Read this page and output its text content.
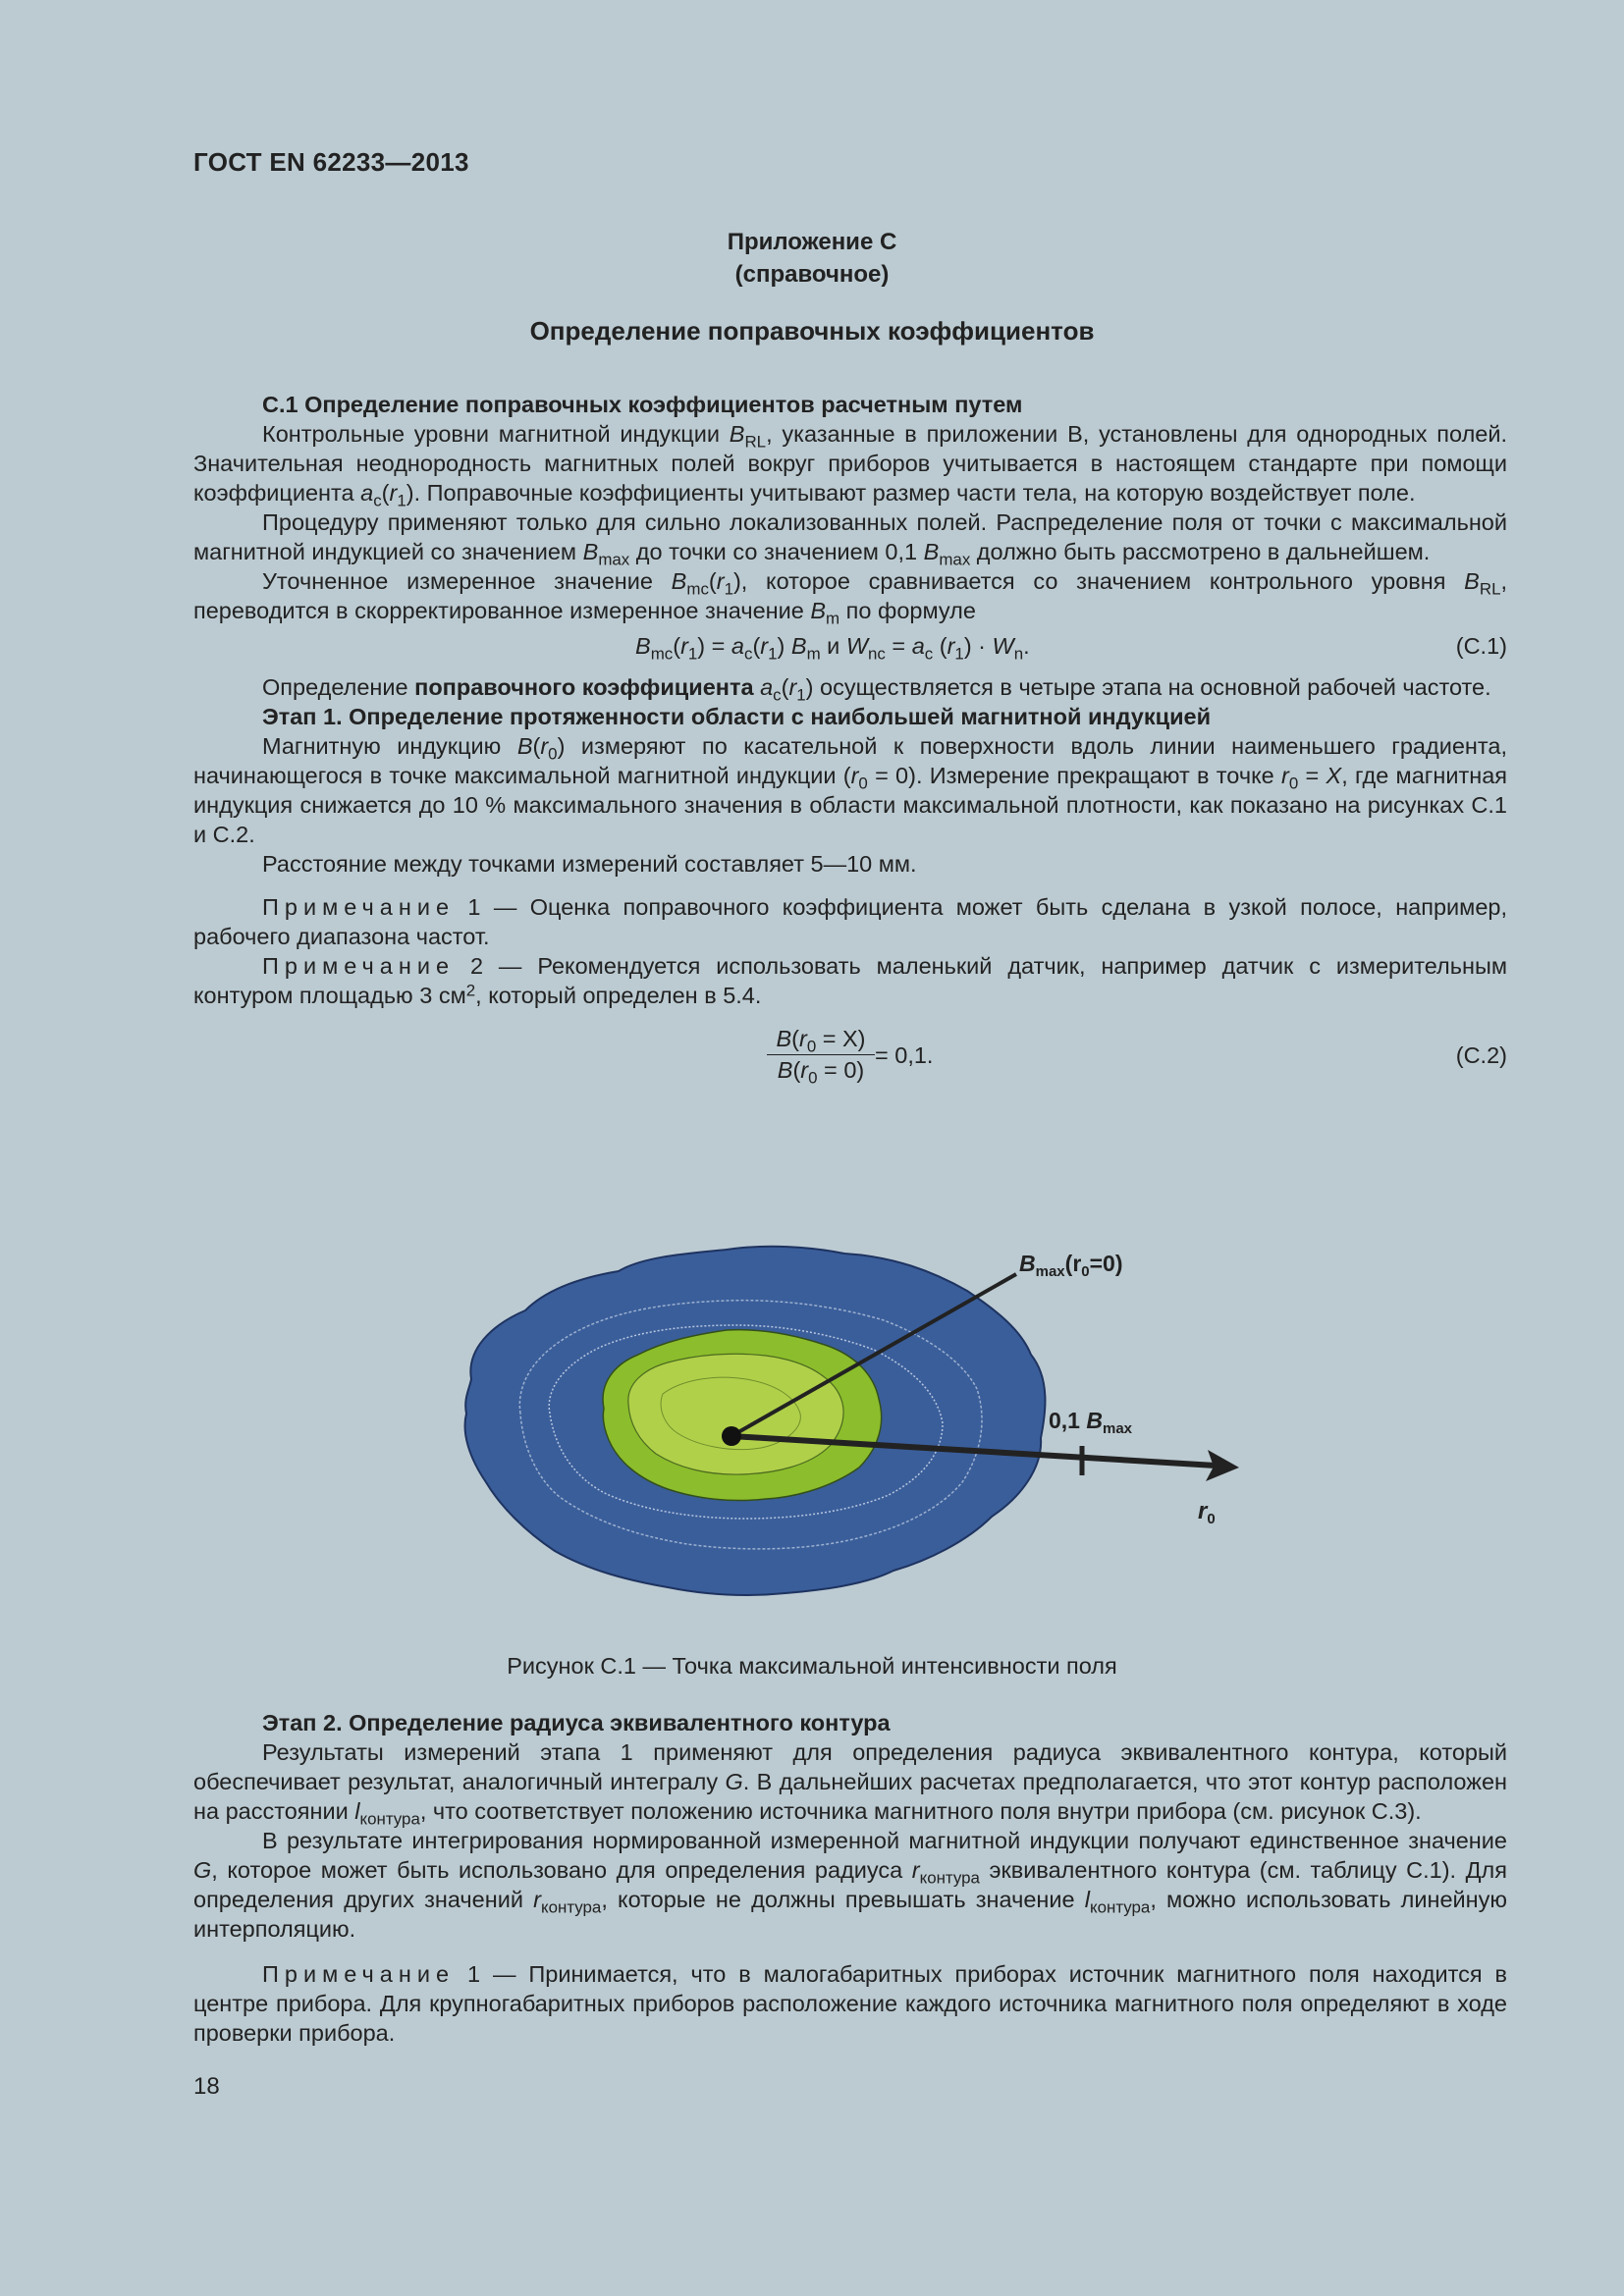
ГОСТ EN 62233—2013
Приложение С
(справочное)
Определение поправочных коэффициентов

С.1 Определение поправочных коэффициентов расчетным путем

Контрольные уровни магнитной индукции $B_{RL}$, указанные в приложении В, установлены для однородных полей. Значительная неоднородность магнитных полей вокруг приборов учитывается в настоящем стандарте при помощи коэффициента $a_c(r_1)$. Поправочные коэффициенты учитывают размер части тела, на которую воздействует поле.

Процедуру применяют только для сильно локализованных полей. Распределение поля от точки с максимальной магнитной индукцией со значением $B_{max}$ до точки со значением 0,1 $B_{max}$ должно быть рассмотрено в дальнейшем.

Уточненное измеренное значение $B_{mc}(r_1)$, которое сравнивается со значением контрольного уровня $B_{RL}$, переводится в скорректированное измеренное значение $B_m$ по формуле

$B_{mc}(r_1) = a_c(r_1)$ $B_m$ и $W_{nc} = a_c$ $(r_1) \cdot W_n$.	(С.1)

Определение поправочного коэффициента $a_c(r_1)$ осуществляется в четыре этапа на основной рабочей частоте.

Этап 1. Определение протяженности области с наибольшей магнитной индукцией

Магнитную индукцию $B(r_0)$ измеряют по касательной к поверхности вдоль линии наименьшего градиента, начинающегося в точке максимальной магнитной индукции $(r_0 = 0)$. Измерение прекращают в точке $r_0 = X$, где магнитная индукция снижается до 10 % максимального значения в области максимальной плотности, как показано на рисунках С.1 и С.2.

Расстояние между точками измерений составляет 5—10 мм.

Примечание 1 — Оценка поправочного коэффициента может быть сделана в узкой полосе, например, рабочего диапазона частот.

Примечание 2 — Рекомендуется использовать маленький датчик, например датчик с измерительным контуром площадью 3 $см^2$, который определен в 5.4.

$\frac{B(r_0 = X)}{B(r_0 = 0)} = 0,1$.	(С.2)
$B_{max}(r_0=0)$
0,1 $B_{max}$
$r_0$
Рисунок С.1 — Точка максимальной интенсивности поля

Этап 2. Определение радиуса эквивалентного контура

Результаты измерений этапа 1 применяют для определения радиуса эквивалентного контура, который обеспечивает результат, аналогичный интегралу G. В дальнейших расчетах предполагается, что этот контур расположен на расстоянии $l_{контура}$, что соответствует положению источника магнитного поля внутри прибора (см. рисунок С.3).

В результате интегрирования нормированной измеренной магнитной индукции получают единственное значение G, которое может быть использовано для определения радиуса $r_{контура}$ эквивалентного контура (см. таблицу С.1). Для определения других значений $r_{контура}$, которые не должны превышать значение $l_{контура}$, можно использовать линейную интерполяцию.

Примечание 1 — Принимается, что в малогабаритных приборах источник магнитного поля находится в центре прибора. Для крупногабаритных приборов расположение каждого источника магнитного поля определяют в ходе проверки прибора.

18
